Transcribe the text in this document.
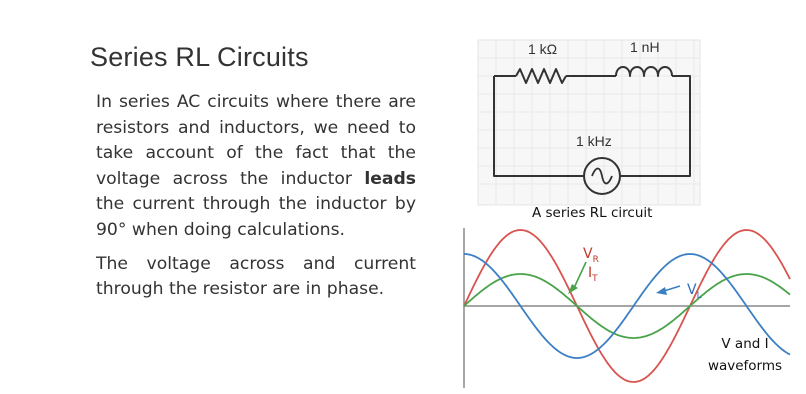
Series RL Circuits

In series AC circuits where there are resistors and inductors, we need to take account of the fact that the voltage across the inductor leads the current through the inductor by 90° when doing calculations.

The voltage across and current through the resistor are in phase.

1 kΩ	1 nH
1 kHz
$V_R$
$I_T$
$V_L$
A series RL circuit
V and I
waveforms
